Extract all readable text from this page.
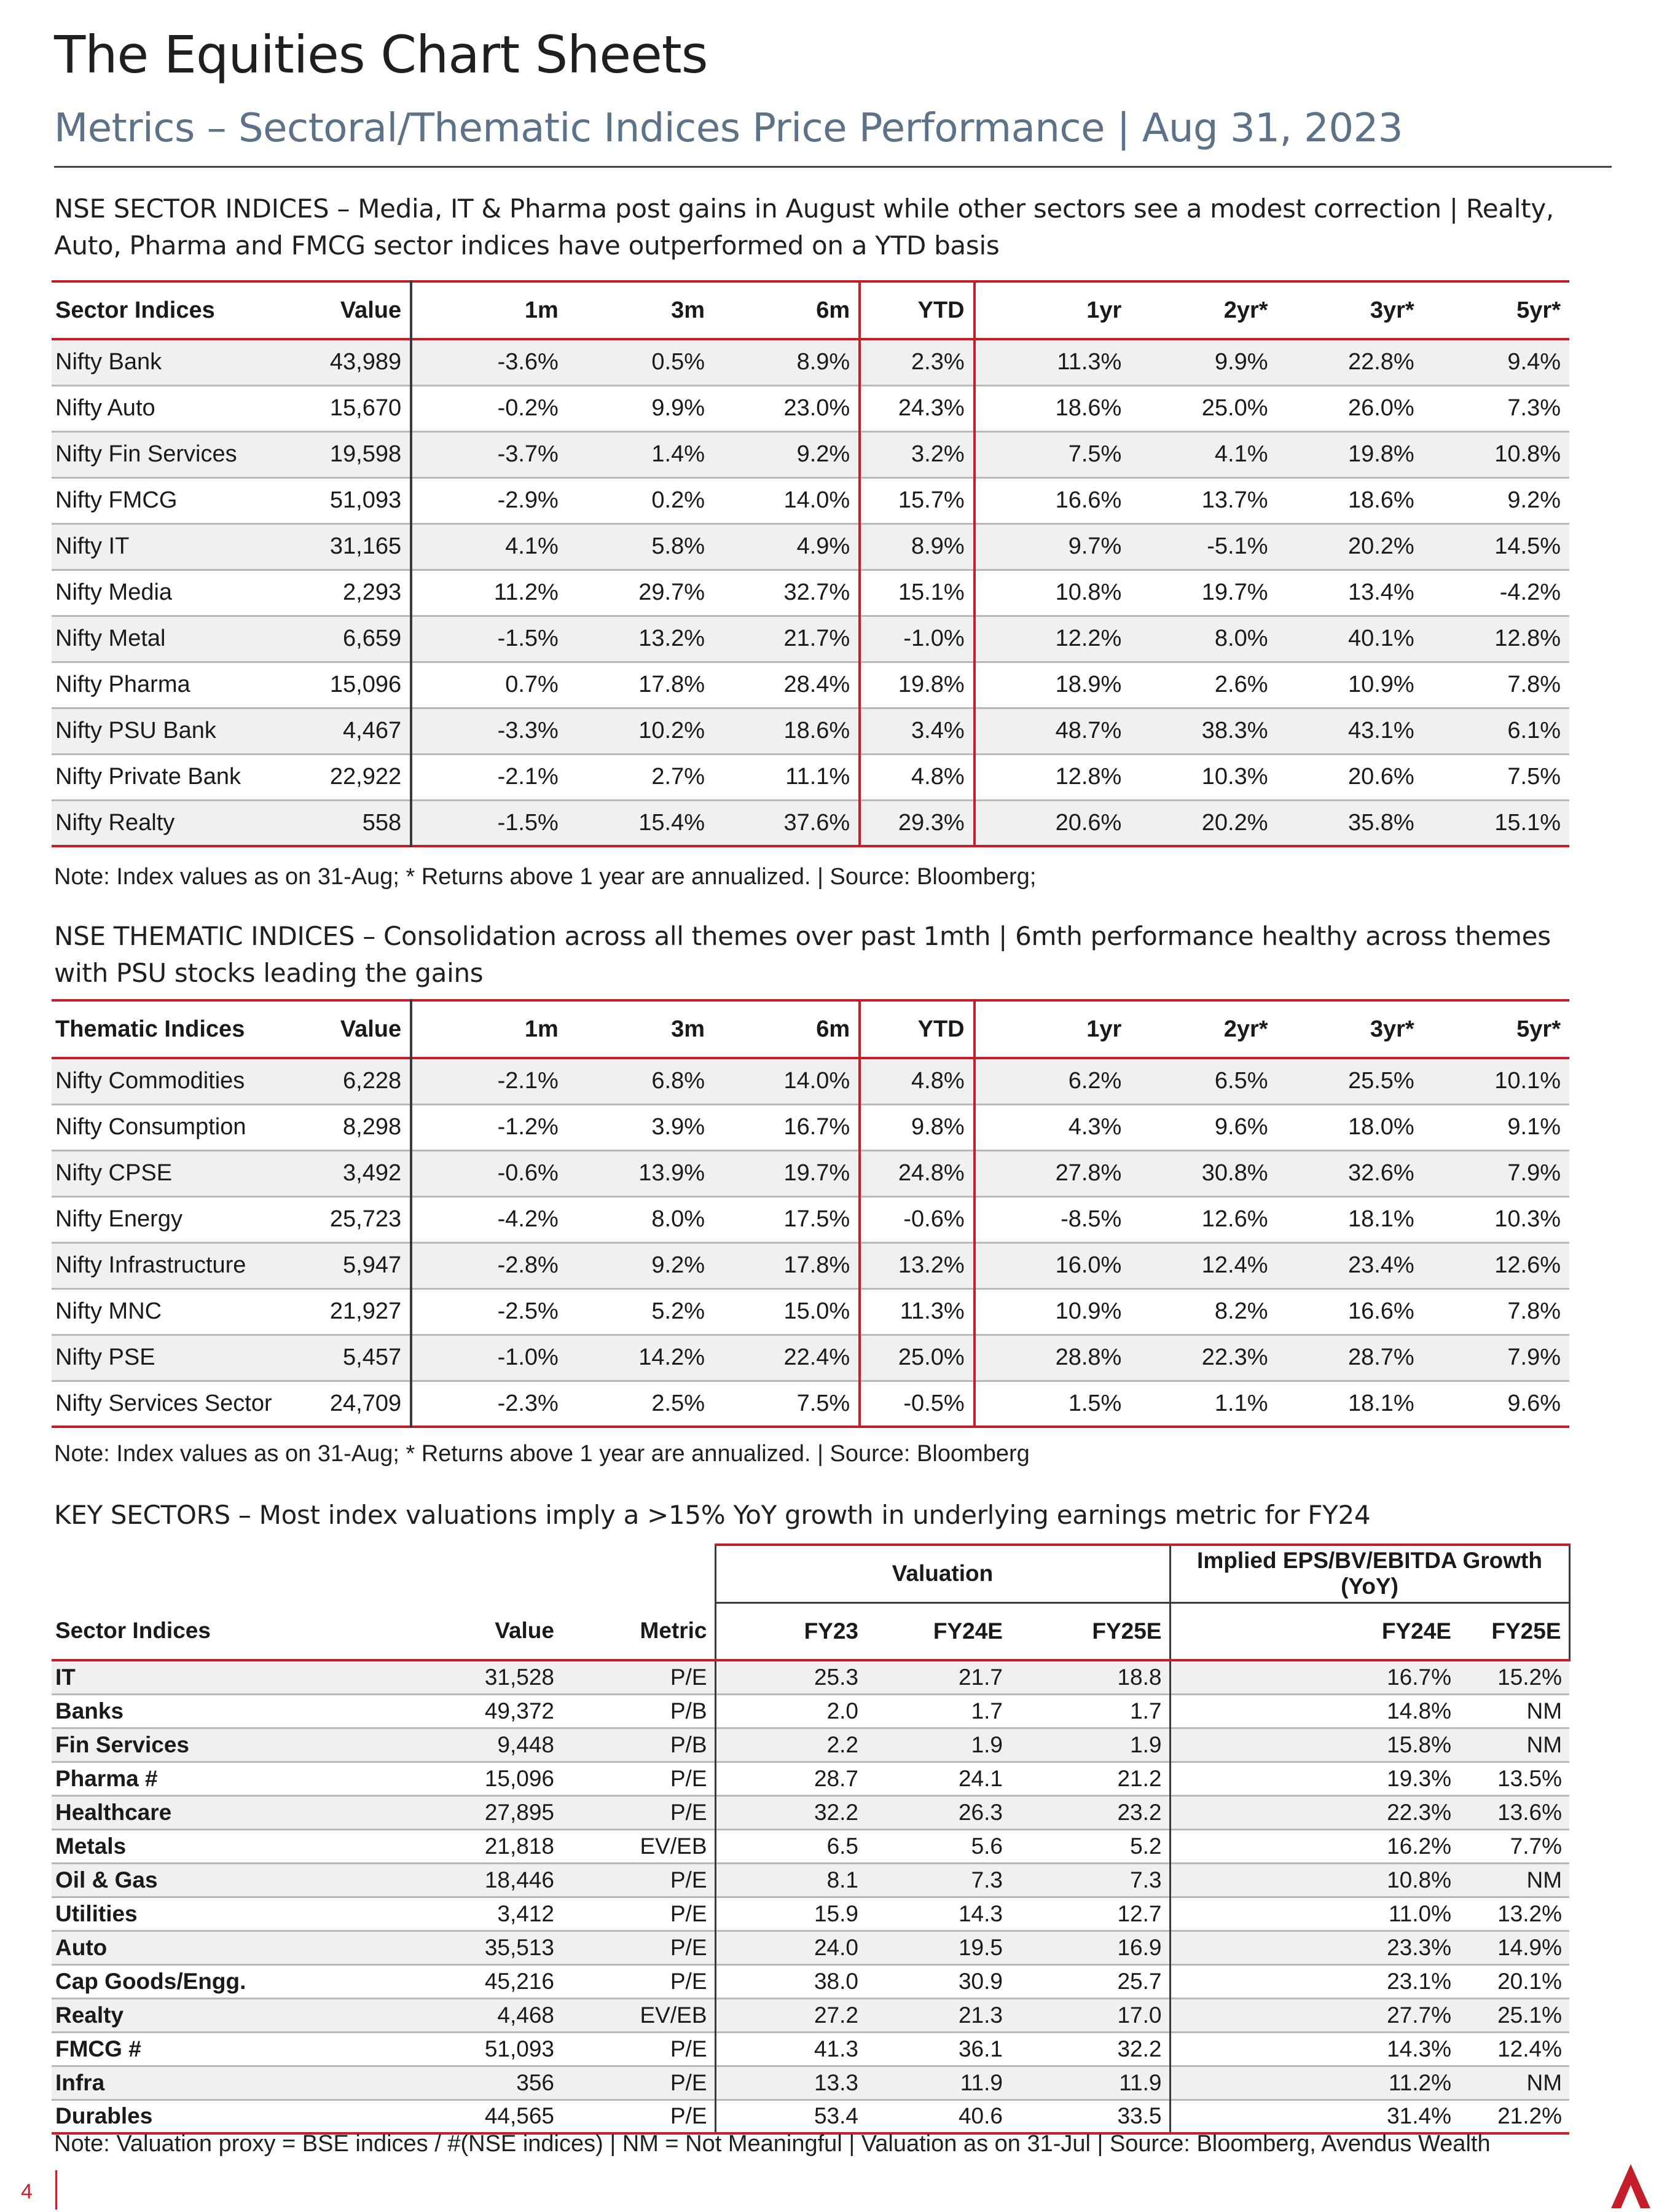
The Equities Chart Sheets
Metrics – Sectoral/Thematic Indices Price Performance | Aug 31, 2023
NSE SECTOR INDICES – Media, IT & Pharma post gains in August while other sectors see a modest correction | Realty, Auto, Pharma and FMCG sector indices have outperformed on a YTD basis
Sector Indices	Value	1m	3m	6m	YTD	1yr	2yr*	3yr*	5yr*
Nifty Bank	43,989	-3.6%	0.5%	8.9%	2.3%	11.3%	9.9%	22.8%	9.4%
Nifty Auto	15,670	-0.2%	9.9%	23.0%	24.3%	18.6%	25.0%	26.0%	7.3%
Nifty Fin Services	19,598	-3.7%	1.4%	9.2%	3.2%	7.5%	4.1%	19.8%	10.8%
Nifty FMCG	51,093	-2.9%	0.2%	14.0%	15.7%	16.6%	13.7%	18.6%	9.2%
Nifty IT	31,165	4.1%	5.8%	4.9%	8.9%	9.7%	-5.1%	20.2%	14.5%
Nifty Media	2,293	11.2%	29.7%	32.7%	15.1%	10.8%	19.7%	13.4%	-4.2%
Nifty Metal	6,659	-1.5%	13.2%	21.7%	-1.0%	12.2%	8.0%	40.1%	12.8%
Nifty Pharma	15,096	0.7%	17.8%	28.4%	19.8%	18.9%	2.6%	10.9%	7.8%
Nifty PSU Bank	4,467	-3.3%	10.2%	18.6%	3.4%	48.7%	38.3%	43.1%	6.1%
Nifty Private Bank	22,922	-2.1%	2.7%	11.1%	4.8%	12.8%	10.3%	20.6%	7.5%
Nifty Realty	558	-1.5%	15.4%	37.6%	29.3%	20.6%	20.2%	35.8%	15.1%
Note: Index values as on 31-Aug; * Returns above 1 year are annualized. | Source: Bloomberg;
NSE THEMATIC INDICES – Consolidation across all themes over past 1mth | 6mth performance healthy across themes with PSU stocks leading the gains
Thematic Indices	Value	1m	3m	6m	YTD	1yr	2yr*	3yr*	5yr*
Nifty Commodities	6,228	-2.1%	6.8%	14.0%	4.8%	6.2%	6.5%	25.5%	10.1%
Nifty Consumption	8,298	-1.2%	3.9%	16.7%	9.8%	4.3%	9.6%	18.0%	9.1%
Nifty CPSE	3,492	-0.6%	13.9%	19.7%	24.8%	27.8%	30.8%	32.6%	7.9%
Nifty Energy	25,723	-4.2%	8.0%	17.5%	-0.6%	-8.5%	12.6%	18.1%	10.3%
Nifty Infrastructure	5,947	-2.8%	9.2%	17.8%	13.2%	16.0%	12.4%	23.4%	12.6%
Nifty MNC	21,927	-2.5%	5.2%	15.0%	11.3%	10.9%	8.2%	16.6%	7.8%
Nifty PSE	5,457	-1.0%	14.2%	22.4%	25.0%	28.8%	22.3%	28.7%	7.9%
Nifty Services Sector	24,709	-2.3%	2.5%	7.5%	-0.5%	1.5%	1.1%	18.1%	9.6%
Note: Index values as on 31-Aug; * Returns above 1 year are annualized. | Source: Bloomberg
KEY SECTORS – Most index valuations imply a >15% YoY growth in underlying earnings metric for FY24
			Valuation			Implied EPS/BV/EBITDA Growth (YoY)	
Sector Indices	Value	Metric	FY23	FY24E	FY25E	FY24E	FY25E
IT	31,528	P/E	25.3	21.7	18.8	16.7%	15.2%
Banks	49,372	P/B	2.0	1.7	1.7	14.8%	NM
Fin Services	9,448	P/B	2.2	1.9	1.9	15.8%	NM
Pharma #	15,096	P/E	28.7	24.1	21.2	19.3%	13.5%
Healthcare	27,895	P/E	32.2	26.3	23.2	22.3%	13.6%
Metals	21,818	EV/EB	6.5	5.6	5.2	16.2%	7.7%
Oil & Gas	18,446	P/E	8.1	7.3	7.3	10.8%	NM
Utilities	3,412	P/E	15.9	14.3	12.7	11.0%	13.2%
Auto	35,513	P/E	24.0	19.5	16.9	23.3%	14.9%
Cap Goods/Engg.	45,216	P/E	38.0	30.9	25.7	23.1%	20.1%
Realty	4,468	EV/EB	27.2	21.3	17.0	27.7%	25.1%
FMCG #	51,093	P/E	41.3	36.1	32.2	14.3%	12.4%
Infra	356	P/E	13.3	11.9	11.9	11.2%	NM
Durables	44,565	P/E	53.4	40.6	33.5	31.4%	21.2%
Note: Valuation proxy = BSE indices / #(NSE indices) | NM = Not Meaningful | Valuation as on 31-Jul | Source: Bloomberg, Avendus Wealth
4
